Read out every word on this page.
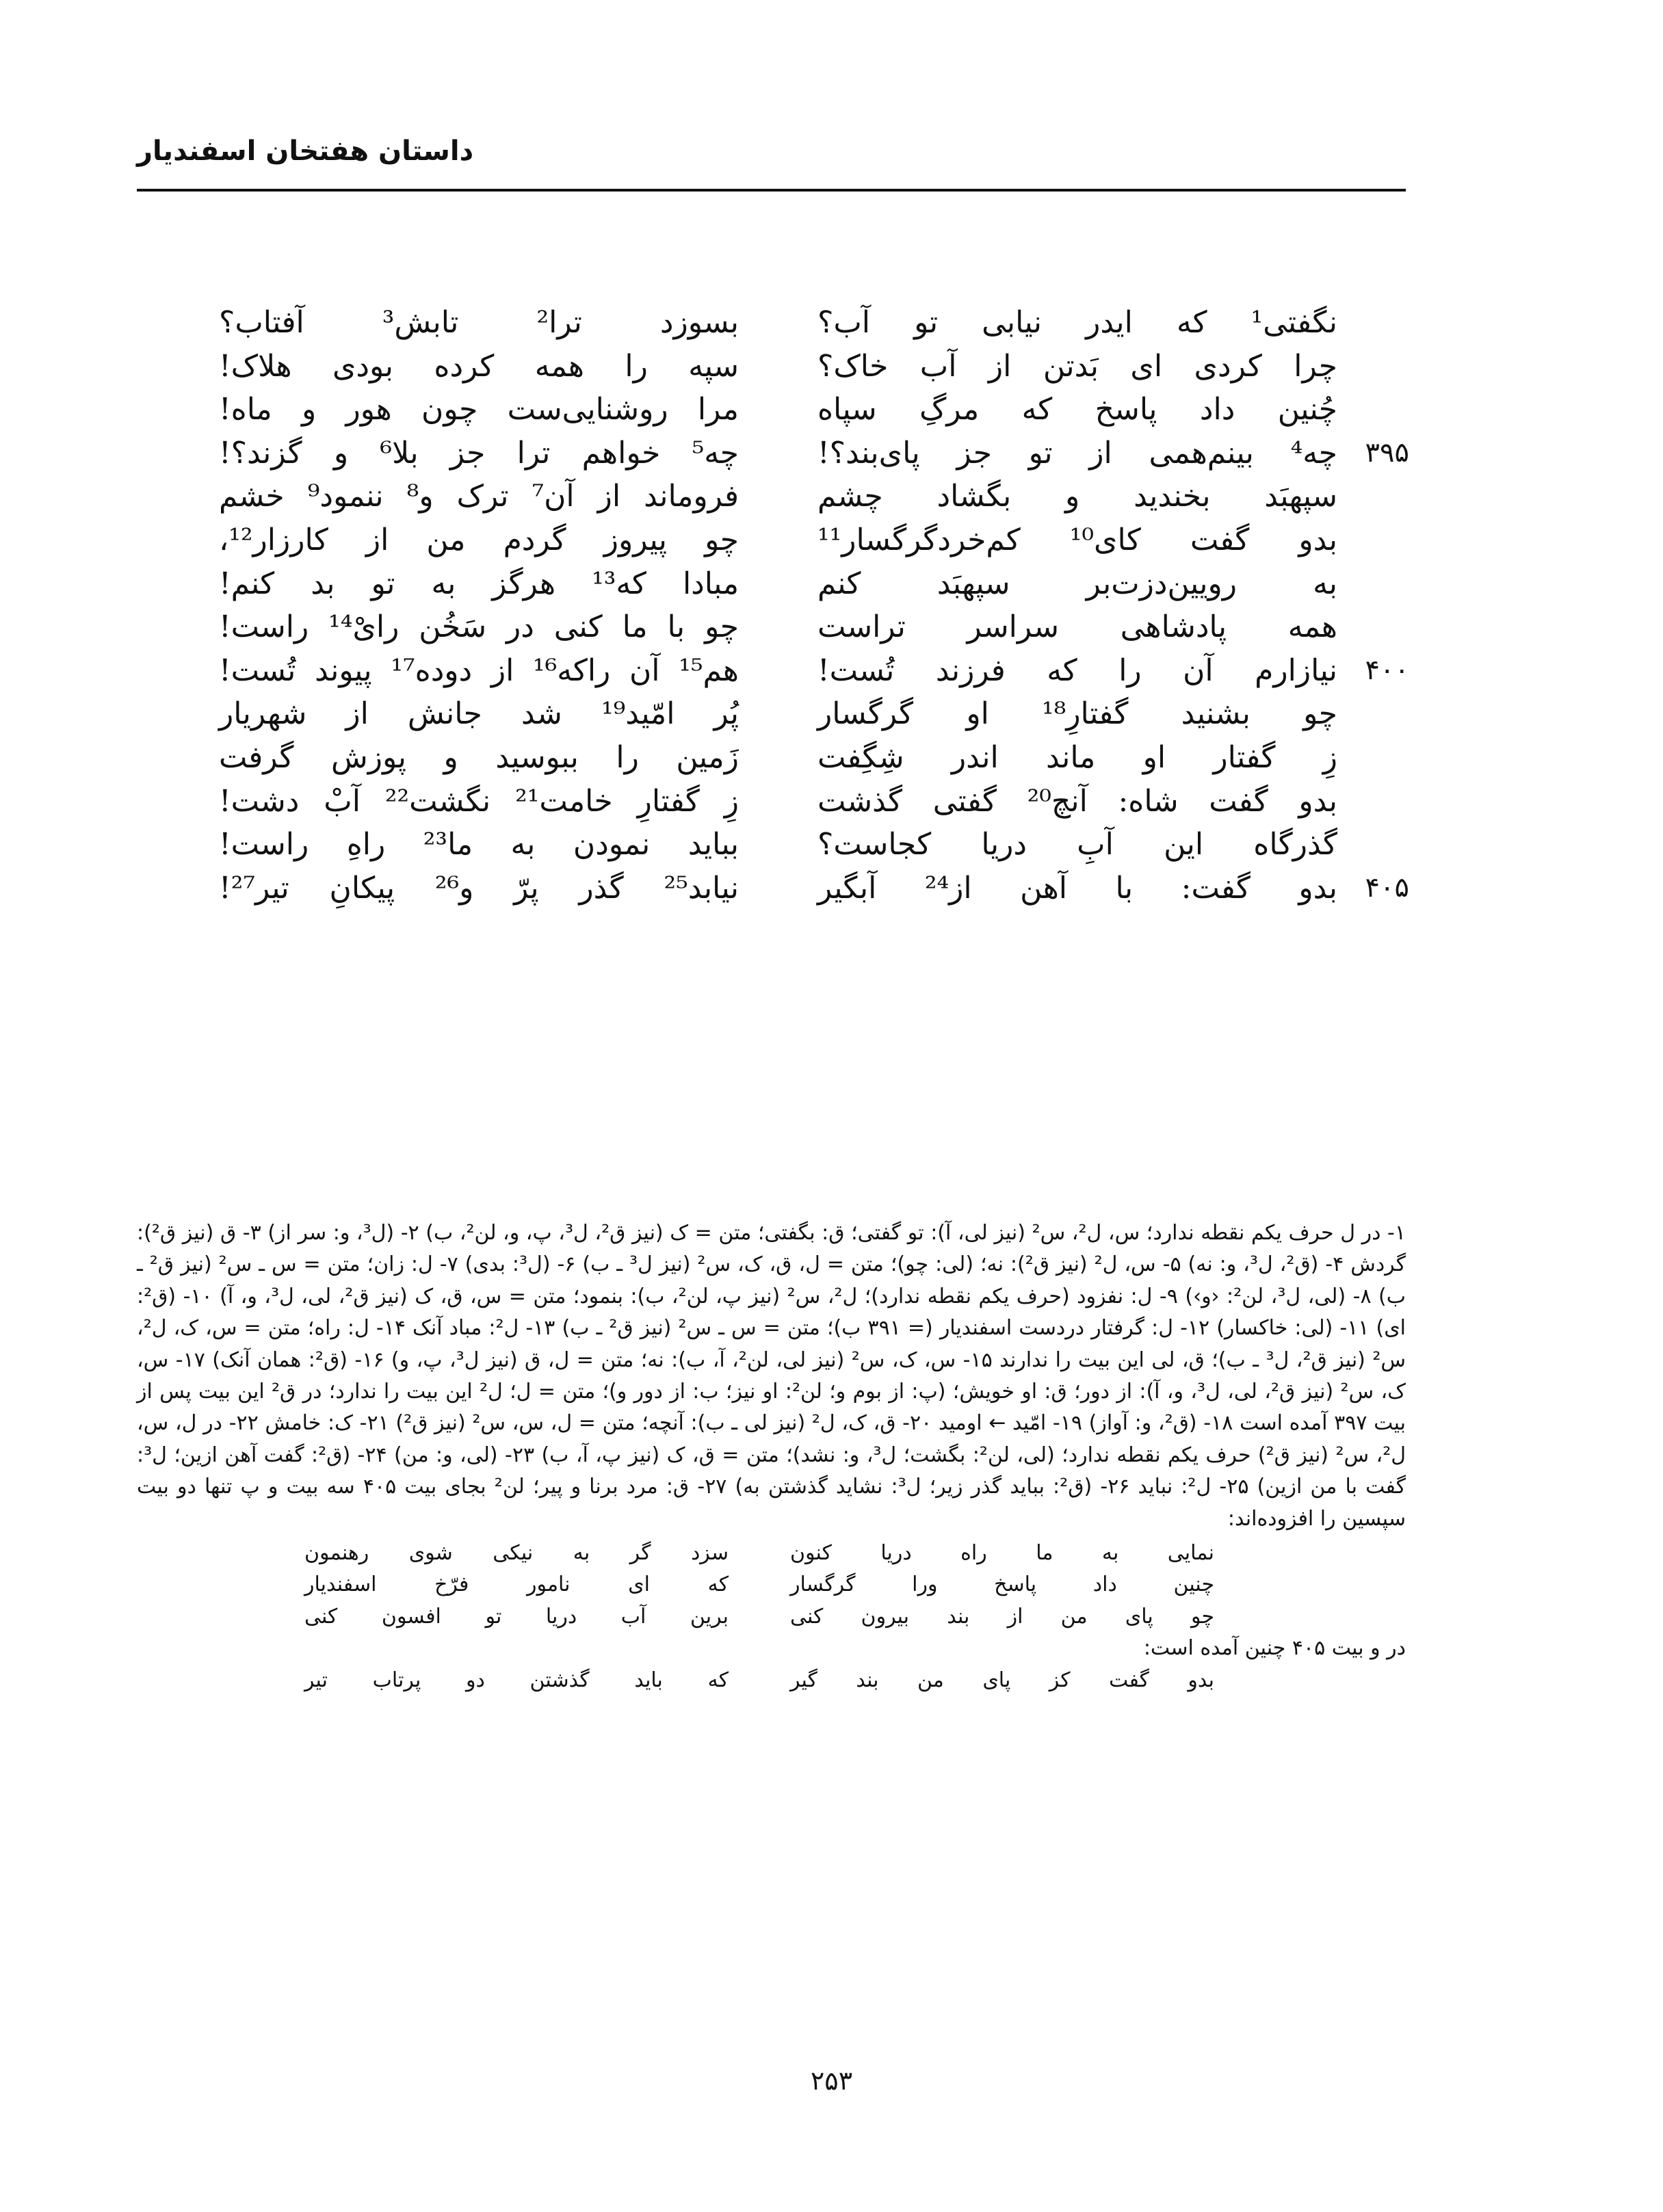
داستان هفتخان اسفندیار
نگفتی¹ که ایدر نیابی تو آب؟
چرا کردی ای بَدتن از آب خاک؟
چُنین داد پاسخ که مرگِ سپاه
۳۹۵
چه⁴ بینم‌همی از تو جز پای‌بند؟!
سپهبَد بخندید و بگشاد چشم
بدو گفت کای¹⁰ کم‌خردگرگسار¹¹
به رویین‌دزت‌بر سپهبَد کنم
همه پادشاهی سراسر تراست
۴۰۰
نیازارم آن را که فرزند تُست!
چو بشنید گفتارِ¹⁸ او گرگسار
زِ گفتار او ماند اندر شِگِفت
بدو گفت شاه: آنچ²⁰ گفتی گذشت
گذرگاه این آبِ دریا کجاست؟
۴۰۵
بدو گفت: با آهن از²⁴ آبگیر
بسوزد ترا² تابش³ آفتاب؟
سپه را همه کرده بودی هلاک!
مرا روشنایی‌ست چون هور و ماه!
چه⁵ خواهم ترا جز بلا⁶ و گزند؟!
فروماند از آن⁷ ترک و⁸ ننمود⁹ خشم
چو پیروز گردم من از کارزار¹²،
مبادا که¹³ هرگز به تو بد کنم!
چو با ما کنی در سَخُن رایْ¹⁴ راست!
هم¹⁵ آن راکه¹⁶ از دوده¹⁷ پیوند تُست!
پُر امّید¹⁹ شد جانش از شهریار
زَمین را ببوسید و پوزش گرفت
زِ گفتارِ خامت²¹ نگشت²² آبْ دشت!
بباید نمودن به ما²³ راهِ راست!
نیابد²⁵ گذر پرّ و²⁶ پیکانِ تیر²⁷!

۱- در ل حرف یکم نقطه ندارد؛ س، ل²، س² (نیز لی، آ): تو گفتی؛ ق: بگفتی؛ متن = ک (نیز ق²، ل³، پ، و، لن²، ب) ۲- (ل³، و: سر از) ۳- ق (نیز ق²): گردش ۴- (ق²، ل³، و: نه) ۵- س، ل² (نیز ق²): نه؛ (لی: چو)؛ متن = ل، ق، ک، س² (نیز ل³ ـ ب) ۶- (ل³: بدی) ۷- ل: زان؛ متن = س ـ س² (نیز ق² ـ ب) ۸- (لی، ل³، لن²: ‹و›) ۹- ل: نفزود (حرف یکم نقطه ندارد)؛ ل²، س² (نیز پ، لن²، ب): بنمود؛ متن = س، ق، ک (نیز ق²، لی، ل³، و، آ) ۱۰- (ق²: ای) ۱۱- (لی: خاکسار) ۱۲- ل: گرفتار دردست اسفندیار (= ۳۹۱ ب)؛ متن = س ـ س² (نیز ق² ـ ب) ۱۳- ل²: مباد آنک ۱۴- ل: راه؛ متن = س، ک، ل²، س² (نیز ق²، ل³ ـ ب)؛ ق، لی این بیت را ندارند ۱۵- س، ک، س² (نیز لی، لن²، آ، ب): نه؛ متن = ل، ق (نیز ل³، پ، و) ۱۶- (ق²: همان آنک) ۱۷- س، ک، س² (نیز ق²، لی، ل³، و، آ): از دور؛ ق: او خویش؛ (پ: از بوم و؛ لن²: او نیز؛ ب: از دور و)؛ متن = ل؛ ل² این بیت را ندارد؛ در ق² این بیت پس از بیت ۳۹۷ آمده است ۱۸- (ق²، و: آواز) ۱۹- امّید ← اومید ۲۰- ق، ک، ل² (نیز لی ـ ب): آنچه؛ متن = ل، س، س² (نیز ق²) ۲۱- ک: خامش ۲۲- در ل، س، ل²، س² (نیز ق²) حرف یکم نقطه ندارد؛ (لی، لن²: بگشت؛ ل³، و: نشد)؛ متن = ق، ک (نیز پ، آ، ب) ۲۳- (لی، و: من) ۲۴- (ق²: گفت آهن ازین؛ ل³: گفت با من ازین) ۲۵- ل²: نباید ۲۶- (ق²: بباید گذر زیر؛ ل³: نشاید گذشتن به) ۲۷- ق: مرد برنا و پیر؛ لن² بجای بیت ۴۰۵ سه بیت و پ تنها دو بیت سپسین را افزوده‌اند:

نمایی به ما راه دریا کنون
سزد گر به نیکی شوی رهنمون
چنین داد پاسخ ورا گرگسار
که ای نامور فرّخ اسفندیار
چو پای من از بند بیرون کنی
برین آب دریا تو افسون کنی

در و بیت ۴۰۵ چنین آمده است:

بدو گفت کز پای من بند گیر
که باید گذشتن دو پرتاب تیر
۲۵۳
